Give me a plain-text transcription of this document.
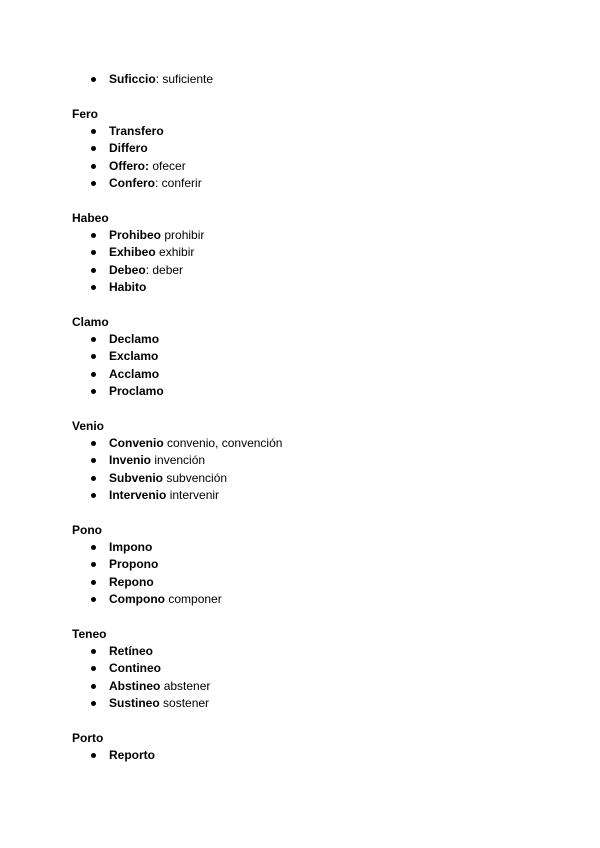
Suficcio: suficiente
Fero
Transfero
Differo
Offero: ofecer
Confero: conferir
Habeo
Prohibeo prohibir
Exhibeo exhibir
Debeo: deber
Habito
Clamo
Declamo
Exclamo
Acclamo
Proclamo
Venio
Convenio convenio, convención
Invenio invención
Subvenio subvención
Intervenio intervenir
Pono
Impono
Propono
Repono
Compono componer
Teneo
Retíneo
Contineo
Abstineo abstener
Sustineo sostener
Porto
Reporto
